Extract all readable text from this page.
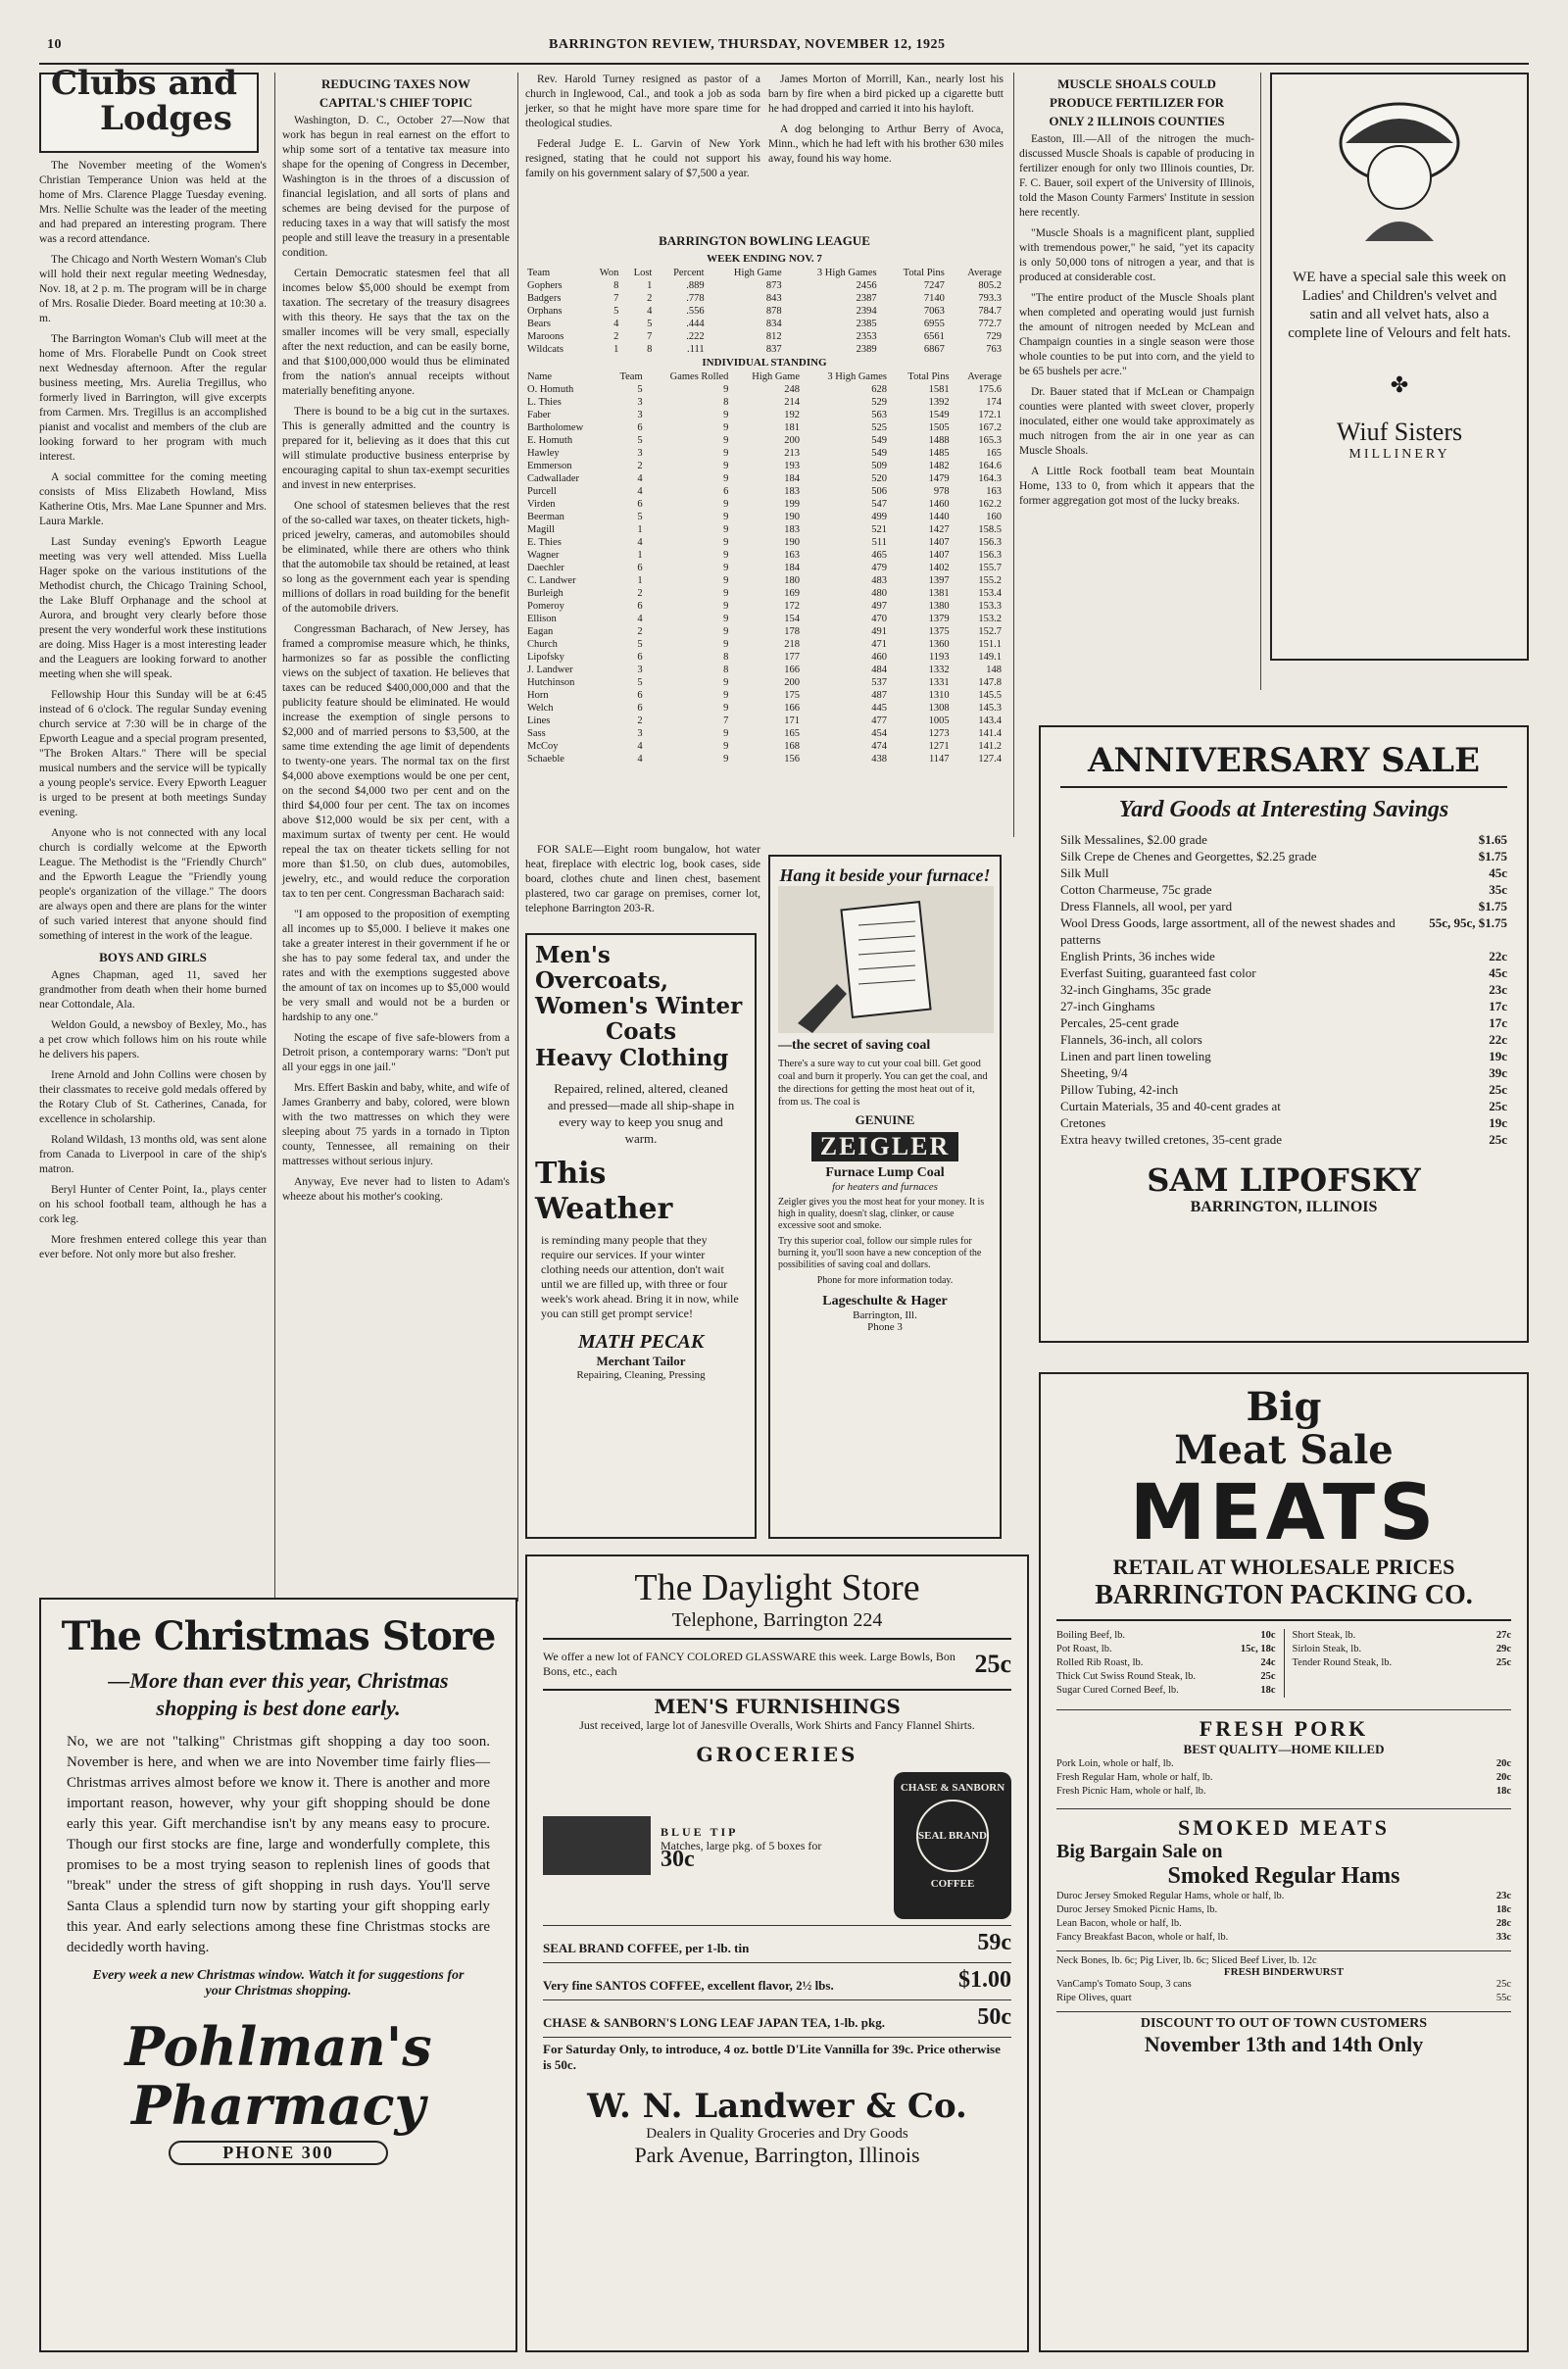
10	BARRINGTON REVIEW, THURSDAY, NOVEMBER 12, 1925
Clubs and
Lodges

The November meeting of the Women's Christian Temperance Union was held at the home of Mrs. Clarence Plagge Tuesday evening. Mrs. Nellie Schulte was the leader of the meeting and had prepared an interesting program. There was a record attendance.

The Chicago and North Western Woman's Club will hold their next regular meeting Wednesday, Nov. 18, at 2 p. m. The program will be in charge of Mrs. Rosalie Dieder. Board meeting at 10:30 a. m.

The Barrington Woman's Club will meet at the home of Mrs. Florabelle Pundt on Cook street next Wednesday afternoon. After the regular business meeting, Mrs. Aurelia Tregillus, who formerly lived in Barrington, will give excerpts from Carmen. Mrs. Tregillus is an accomplished pianist and vocalist and members of the club are looking forward to her program with much interest.

A social committee for the coming meeting consists of Miss Elizabeth Howland, Miss Katherine Otis, Mrs. Mae Lane Spunner and Mrs. Laura Markle.

Last Sunday evening's Epworth League meeting was very well attended. Miss Luella Hager spoke on the various institutions of the Methodist church, the Chicago Training School, the Lake Bluff Orphanage and the school at Aurora, and brought very clearly before those present the very wonderful work these institutions are doing. Miss Hager is a most interesting leader and the Leaguers are looking forward to another meeting when she will speak.

Fellowship Hour this Sunday will be at 6:45 instead of 6 o'clock. The regular Sunday evening church service at 7:30 will be in charge of the Epworth League and a special program presented, "The Broken Altars." There will be special musical numbers and the service will be typically a young people's service. Every Epworth Leaguer is urged to be present at both meetings Sunday evening.

Anyone who is not connected with any local church is cordially welcome at the Epworth League. The Methodist is the "Friendly Church" and the Epworth League the "Friendly young people's organization of the village." The doors are always open and there are plans for the winter of such varied interest that anyone should find something of interest in the work of the league.

BOYS AND GIRLS

Agnes Chapman, aged 11, saved her grandmother from death when their home burned near Cottondale, Ala.

Weldon Gould, a newsboy of Bexley, Mo., has a pet crow which follows him on his route while he delivers his papers.

Irene Arnold and John Collins were chosen by their classmates to receive gold medals offered by the Rotary Club of St. Catherines, Canada, for excellence in scholarship.

Roland Wildash, 13 months old, was sent alone from Canada to Liverpool in care of the ship's matron.

Beryl Hunter of Center Point, Ia., plays center on his school football team, although he has a cork leg.

More freshmen entered college this year than ever before. Not only more but also fresher.

REDUCING TAXES NOW
CAPITAL'S CHIEF TOPIC

Washington, D. C., October 27—Now that work has begun in real earnest on the effort to whip some sort of a tentative tax measure into shape for the opening of Congress in December, Washington is in the throes of a discussion of financial legislation, and all sorts of plans and schemes are being devised for the purpose of reducing taxes in a way that will satisfy the most people and still leave the treasury in a presentable condition.

Certain Democratic statesmen feel that all incomes below $5,000 should be exempt from taxation. The secretary of the treasury disagrees with this theory. He says that the tax on the smaller incomes will be very small, especially after the next reduction, and can be easily borne, and that $100,000,000 would thus be eliminated from the nation's annual receipts without materially benefiting anyone.

There is bound to be a big cut in the surtaxes. This is generally admitted and the country is prepared for it, believing as it does that this cut will stimulate productive business enterprise by encouraging capital to shun tax-exempt securities and invest in new enterprises.

One school of statesmen believes that the rest of the so-called war taxes, on theater tickets, high-priced jewelry, cameras, and automobiles should be eliminated, while there are others who think that the automobile tax should be retained, at least so long as the government each year is spending millions of dollars in road building for the benefit of the automobile drivers.

Congressman Bacharach, of New Jersey, has framed a compromise measure which, he thinks, harmonizes so far as possible the conflicting views on the subject of taxation. He believes that taxes can be reduced $400,000,000 and that the publicity feature should be eliminated. He would increase the exemption of single persons to $2,000 and of married persons to $3,500, at the same time extending the age limit of dependents to twenty-one years. The normal tax on the first $4,000 above exemptions would be one per cent, on the second $4,000 two per cent and on the third $4,000 four per cent. The tax on incomes above $12,000 would be six per cent, with a maximum surtax of twenty per cent. He would repeal the tax on theater tickets selling for not more than $1.50, on club dues, automobiles, jewelry, etc., and would reduce the corporation tax to ten per cent. Congressman Bacharach said:

"I am opposed to the proposition of exempting all incomes up to $5,000. I believe it makes one take a greater interest in their government if he or she has to pay some federal tax, and under the rates and with the exemptions suggested above the amount of tax on incomes up to $5,000 would be very small and would not be a burden or hardship to any one."

Noting the escape of five safe-blowers from a Detroit prison, a contemporary warns: "Don't put all your eggs in one jail."

Mrs. Effert Baskin and baby, white, and wife of James Granberry and baby, colored, were blown with the two mattresses on which they were sleeping about 75 yards in a tornado in Tipton county, Tennessee, all remaining on their mattresses without serious injury.

Anyway, Eve never had to listen to Adam's wheeze about his mother's cooking.

Rev. Harold Turney resigned as pastor of a church in Inglewood, Cal., and took a job as soda jerker, so that he might have more spare time for theological studies.

Federal Judge E. L. Garvin of New York resigned, stating that he could not support his family on his government salary of $7,500 a year.

James Morton of Morrill, Kan., nearly lost his barn by fire when a bird picked up a cigarette butt he had dropped and carried it into his hayloft.

A dog belonging to Arthur Berry of Avoca, Minn., which he had left with his brother 630 miles away, found his way home.

BARRINGTON BOWLING LEAGUE
WEEK ENDING NOV. 7
Team	Won	Lost	Percent	High Game	3 High Games	Total Pins	Average
Gophers	8	1	.889	873	2456	7247	805.2
Badgers	7	2	.778	843	2387	7140	793.3
Orphans	5	4	.556	878	2394	7063	784.7
Bears	4	5	.444	834	2385	6955	772.7
Maroons	2	7	.222	812	2353	6561	729
Wildcats	1	8	.111	837	2389	6867	763
INDIVIDUAL STANDING
Name	Team	Games Rolled	High Game	3 High Games	Total Pins	Average
O. Homuth	5	9	248	628	1581	175.6
L. Thies	3	8	214	529	1392	174
Faber	3	9	192	563	1549	172.1
Bartholomew	6	9	181	525	1505	167.2
E. Homuth	5	9	200	549	1488	165.3
Hawley	3	9	213	549	1485	165
Emmerson	2	9	193	509	1482	164.6
Cadwallader	4	9	184	520	1479	164.3
Purcell	4	6	183	506	978	163
Virden	6	9	199	547	1460	162.2
Beerman	5	9	190	499	1440	160
Magill	1	9	183	521	1427	158.5
E. Thies	4	9	190	511	1407	156.3
Wagner	1	9	163	465	1407	156.3
Daechler	6	9	184	479	1402	155.7
C. Landwer	1	9	180	483	1397	155.2
Burleigh	2	9	169	480	1381	153.4
Pomeroy	6	9	172	497	1380	153.3
Ellison	4	9	154	470	1379	153.2
Eagan	2	9	178	491	1375	152.7
Church	5	9	218	471	1360	151.1
Lipofsky	6	8	177	460	1193	149.1
J. Landwer	3	8	166	484	1332	148
Hutchinson	5	9	200	537	1331	147.8
Horn	6	9	175	487	1310	145.5
Welch	6	9	166	445	1308	145.3
Lines	2	7	171	477	1005	143.4
Sass	3	9	165	454	1273	141.4
McCoy	4	9	168	474	1271	141.2
Schaeble	4	9	156	438	1147	127.4

FOR SALE—Eight room bungalow, hot water heat, fireplace with electric log, book cases, side board, clothes chute and linen chest, basement plastered, two car garage on premises, corner lot, telephone Barrington 203-R.

Men's Overcoats,
Women's Winter
Coats
Heavy Clothing

Repaired, relined, altered, cleaned and pressed—made all ship-shape in every way to keep you snug and warm.

This Weather

is reminding many people that they require our services. If your winter clothing needs our attention, don't wait until we are filled up, with three or four week's work ahead. Bring it in now, while you can still get prompt service!

MATH PECAK
Merchant Tailor
Repairing, Cleaning, Pressing
Hang it beside your furnace!
—the secret of saving coal

There's a sure way to cut your coal bill. Get good coal and burn it properly. You can get the coal, and the directions for getting the most heat out of it, from us. The coal is

GENUINE
ZEIGLER
Furnace Lump Coal
for heaters and furnaces

Zeigler gives you the most heat for your money. It is high in quality, doesn't slag, clinker, or cause excessive soot and smoke.

Try this superior coal, follow our simple rules for burning it, you'll soon have a new conception of the possibilities of saving coal and dollars.

Phone for more information today.
Lageschulte & Hager
Barrington, Ill.
Phone 3
MUSCLE SHOALS COULD
PRODUCE FERTILIZER FOR
ONLY 2 ILLINOIS COUNTIES

Easton, Ill.—All of the nitrogen the much-discussed Muscle Shoals is capable of producing in fertilizer enough for only two Illinois counties, Dr. F. C. Bauer, soil expert of the University of Illinois, told the Mason County Farmers' Institute in session here recently.

"Muscle Shoals is a magnificent plant, supplied with tremendous power," he said, "yet its capacity is only 50,000 tons of nitrogen a year, and that is produced at considerable cost.

"The entire product of the Muscle Shoals plant when completed and operating would just furnish the amount of nitrogen needed by McLean and Champaign counties in a single season were those whole counties to be put into corn, and the yield to be 65 bushels per acre."

Dr. Bauer stated that if McLean or Champaign counties were planted with sweet clover, properly inoculated, either one would take approximately as much nitrogen from the air in one year as can Muscle Shoals.

A Little Rock football team beat Mountain Home, 133 to 0, from which it appears that the former aggregation got most of the lucky breaks.

WE have a special sale this week on Ladies' and Children's velvet and satin and all velvet hats, also a complete line of Velours and felt hats.

✤
Wiuf Sisters
MILLINERY
ANNIVERSARY SALE
Yard Goods at Interesting Savings
Silk Messalines, $2.00 grade	$1.65
Silk Crepe de Chenes and Georgettes, $2.25 grade	$1.75
Silk Mull	45c
Cotton Charmeuse, 75c grade	35c
Dress Flannels, all wool, per yard	$1.75
Wool Dress Goods, large assortment, all of the newest shades and patterns
55c, 95c, $1.75
English Prints, 36 inches wide	22c
Everfast Suiting, guaranteed fast color	45c
32-inch Ginghams, 35c grade	23c
27-inch Ginghams	17c
Percales, 25-cent grade	17c
Flannels, 36-inch, all colors	22c
Linen and part linen toweling	19c
Sheeting, 9/4	39c
Pillow Tubing, 42-inch	25c
Curtain Materials, 35 and 40-cent grades at	25c
Cretones	19c
Extra heavy twilled cretones, 35-cent grade	25c
SAM LIPOFSKY
BARRINGTON, ILLINOIS
The Christmas Store
—More than ever this year, Christmas shopping is best done early.

No, we are not "talking" Christmas gift shopping a day too soon. November is here, and when we are into November time fairly flies—Christmas arrives almost before we know it. There is another and more important reason, however, why your gift shopping should be done early this year. Gift merchandise isn't by any means easy to procure. Though our first stocks are fine, large and wonderfully complete, this promises to be a most trying season to replenish lines of goods that "break" under the stress of gift shopping in rush days. You'll serve Santa Claus a splendid turn now by starting your gift shopping early this year. And early selections among these fine Christmas stocks are decidedly worth having.

Every week a new Christmas window. Watch it for suggestions for your Christmas shopping.
Pohlman's
Pharmacy
PHONE 300
The Daylight Store
Telephone, Barrington 224
We offer a new lot of FANCY COLORED GLASSWARE this week. Large Bowls, Bon Bons, etc., each	25c
MEN'S FURNISHINGS
Just received, large lot of Janesville Overalls, Work Shirts and Fancy Flannel Shirts.
GROCERIES
BLUE TIP
Matches, large pkg. of 5 boxes for
30c
CHASE & SANBORN
SEAL BRAND
COFFEE
SEAL BRAND COFFEE, per 1-lb. tin	59c
Very fine SANTOS COFFEE, excellent flavor, 2½ lbs.	$1.00
CHASE & SANBORN'S LONG LEAF JAPAN TEA, 1-lb. pkg.	50c
For Saturday Only, to introduce, 4 oz. bottle D'Lite Vannilla for 39c. Price otherwise is 50c.
W. N. Landwer & Co.
Dealers in Quality Groceries and Dry Goods
Park Avenue, Barrington, Illinois
Big
Meat Sale
MEATS
RETAIL AT WHOLESALE PRICES
BARRINGTON PACKING CO.
Boiling Beef, lb.	10c
Pot Roast, lb.	15c, 18c
Rolled Rib Roast, lb.	24c
Thick Cut Swiss Round Steak, lb.	25c
Sugar Cured Corned Beef, lb.	18c
Short Steak, lb.	27c
Sirloin Steak, lb.	29c
Tender Round Steak, lb.	25c
FRESH PORK
BEST QUALITY—HOME KILLED
Pork Loin, whole or half, lb.	20c
Fresh Regular Ham, whole or half, lb.	20c
Fresh Picnic Ham, whole or half, lb.	18c
SMOKED MEATS
Big Bargain Sale on
Smoked Regular Hams
Duroc Jersey Smoked Regular Hams, whole or half, lb.	23c
Duroc Jersey Smoked Picnic Hams, lb.	18c
Lean Bacon, whole or half, lb.	28c
Fancy Breakfast Bacon, whole or half, lb.	33c
Neck Bones, lb. 6c; Pig Liver, lb. 6c; Sliced Beef Liver, lb. 12c
FRESH BINDERWURST
VanCamp's Tomato Soup, 3 cans	25c
Ripe Olives, quart	55c
DISCOUNT TO OUT OF TOWN CUSTOMERS
November 13th and 14th Only
